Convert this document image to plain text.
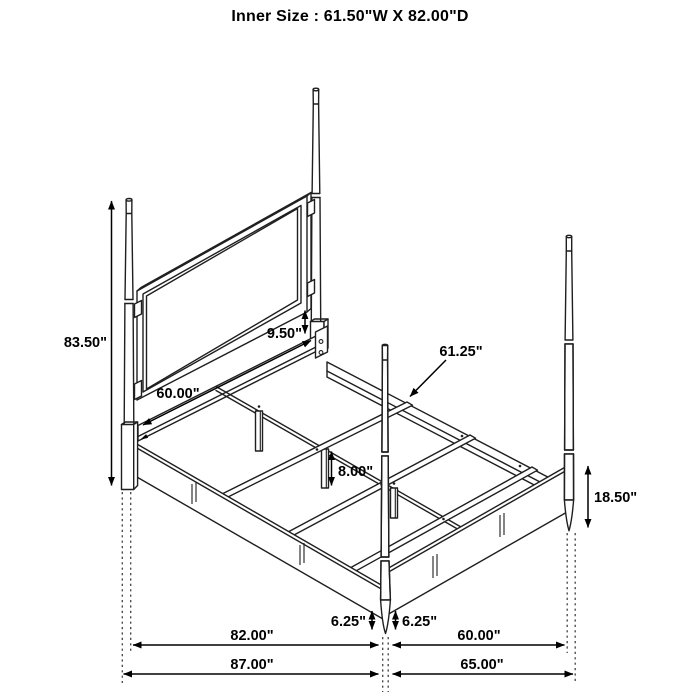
Inner Size : 61.50"W X 82.00"D
83.50"
9.50"
60.00"
61.25"
8.00"
18.50"
6.25" 6.25"
82.00"	60.00"
87.00"	65.00"
